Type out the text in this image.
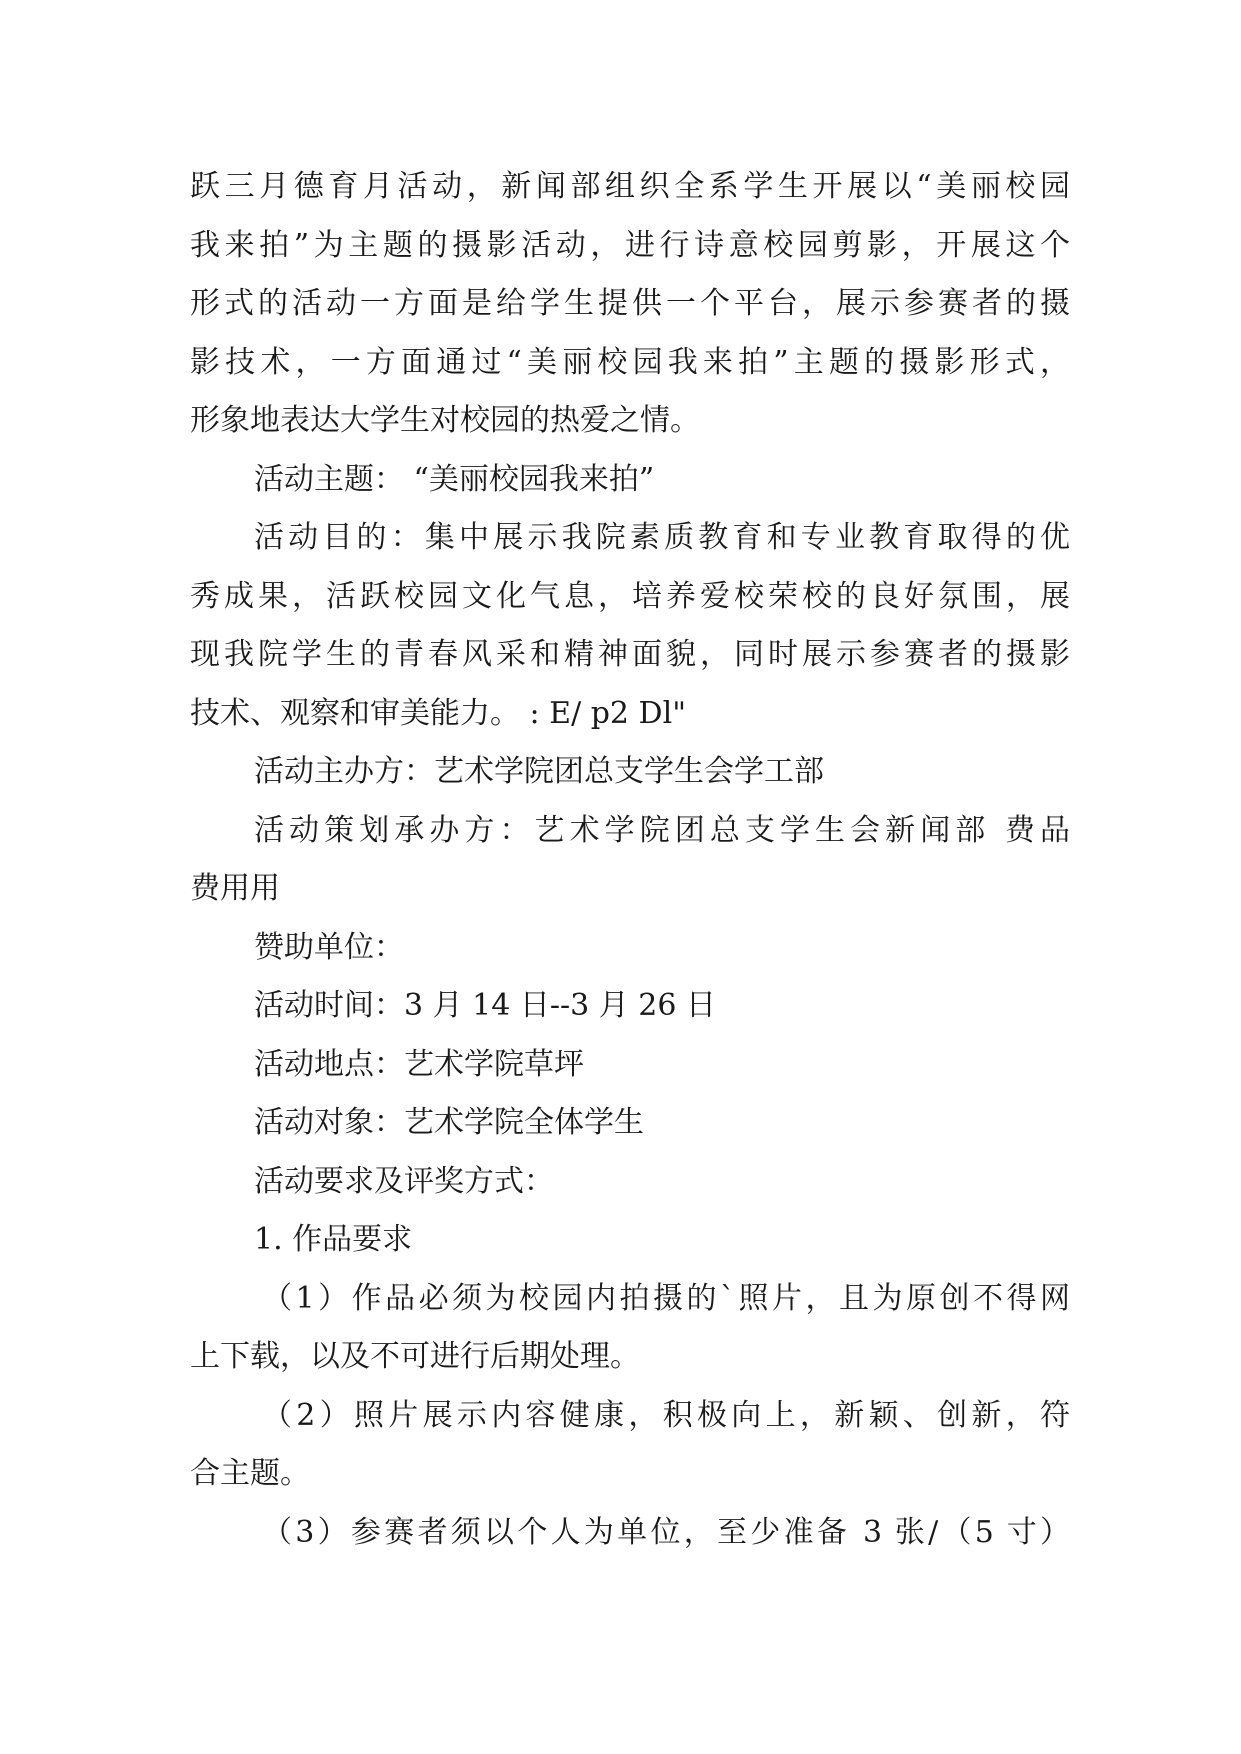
跃三月德育月活动，新闻部组织全系学生开展以“美丽校园
我来拍”为主题的摄影活动，进行诗意校园剪影，开展这个
形式的活动一方面是给学生提供一个平台，展示参赛者的摄
影技术，一方面通过“美丽校园我来拍”主题的摄影形式，
形象地表达大学生对校园的热爱之情。
活动主题： “美丽校园我来拍”
活动目的：集中展示我院素质教育和专业教育取得的优
秀成果，活跃校园文化气息，培养爱校荣校的良好氛围，展
现我院学生的青春风采和精神面貌，同时展示参赛者的摄影
技术、观察和审美能力。 : E/ p2 Dl"
活动主办方：艺术学院团总支学生会学工部
活动策划承办方：艺术学院团总支学生会新闻部 费品
费用用
赞助单位：
活动时间：3 月 14 日--3 月 26 日
活动地点：艺术学院草坪
活动对象：艺术学院全体学生
活动要求及评奖方式：
1. 作品要求
（1）作品必须为校园内拍摄的`照片，且为原创不得网
上下载，以及不可进行后期处理。
（2）照片展示内容健康，积极向上，新颖、创新，符
合主题。
（3）参赛者须以个人为单位，至少准备 3 张/（5 寸）
